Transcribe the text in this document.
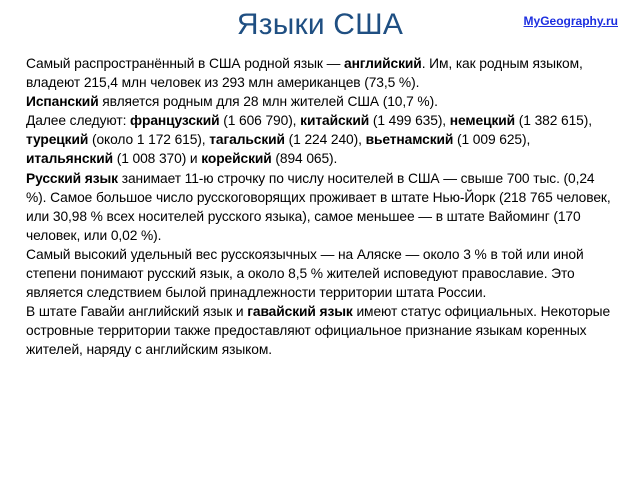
Языки США	MyGeography.ru

Самый распространённый в США родной язык — английский. Им, как родным языком, владеют 215,4 млн человек из 293 млн американцев (73,5 %).

Испанский является родным для 28 млн жителей США (10,7 %).

Далее следуют: французский (1 606 790), китайский (1 499 635), немецкий (1 382 615), турецкий (около 1 172 615), тагальский (1 224 240), вьетнамский (1 009 625), итальянский (1 008 370) и корейский (894 065).

Русский язык занимает 11-ю строчку по числу носителей в США — свыше 700 тыс. (0,24 %). Самое большое число русскоговорящих проживает в штате Нью-Йорк (218 765 человек, или 30,98 % всех носителей русского языка), самое меньшее — в штате Вайоминг (170 человек, или 0,02 %).

Самый высокий удельный вес русскоязычных — на Аляске — около 3 % в той или иной степени понимают русский язык, а около 8,5 % жителей исповедуют православие. Это является следствием былой принадлежности территории штата России.

В штате Гавайи английский язык и гавайский язык имеют статус официальных. Некоторые островные территории также предоставляют официальное признание языкам коренных жителей, наряду с английским языком.
